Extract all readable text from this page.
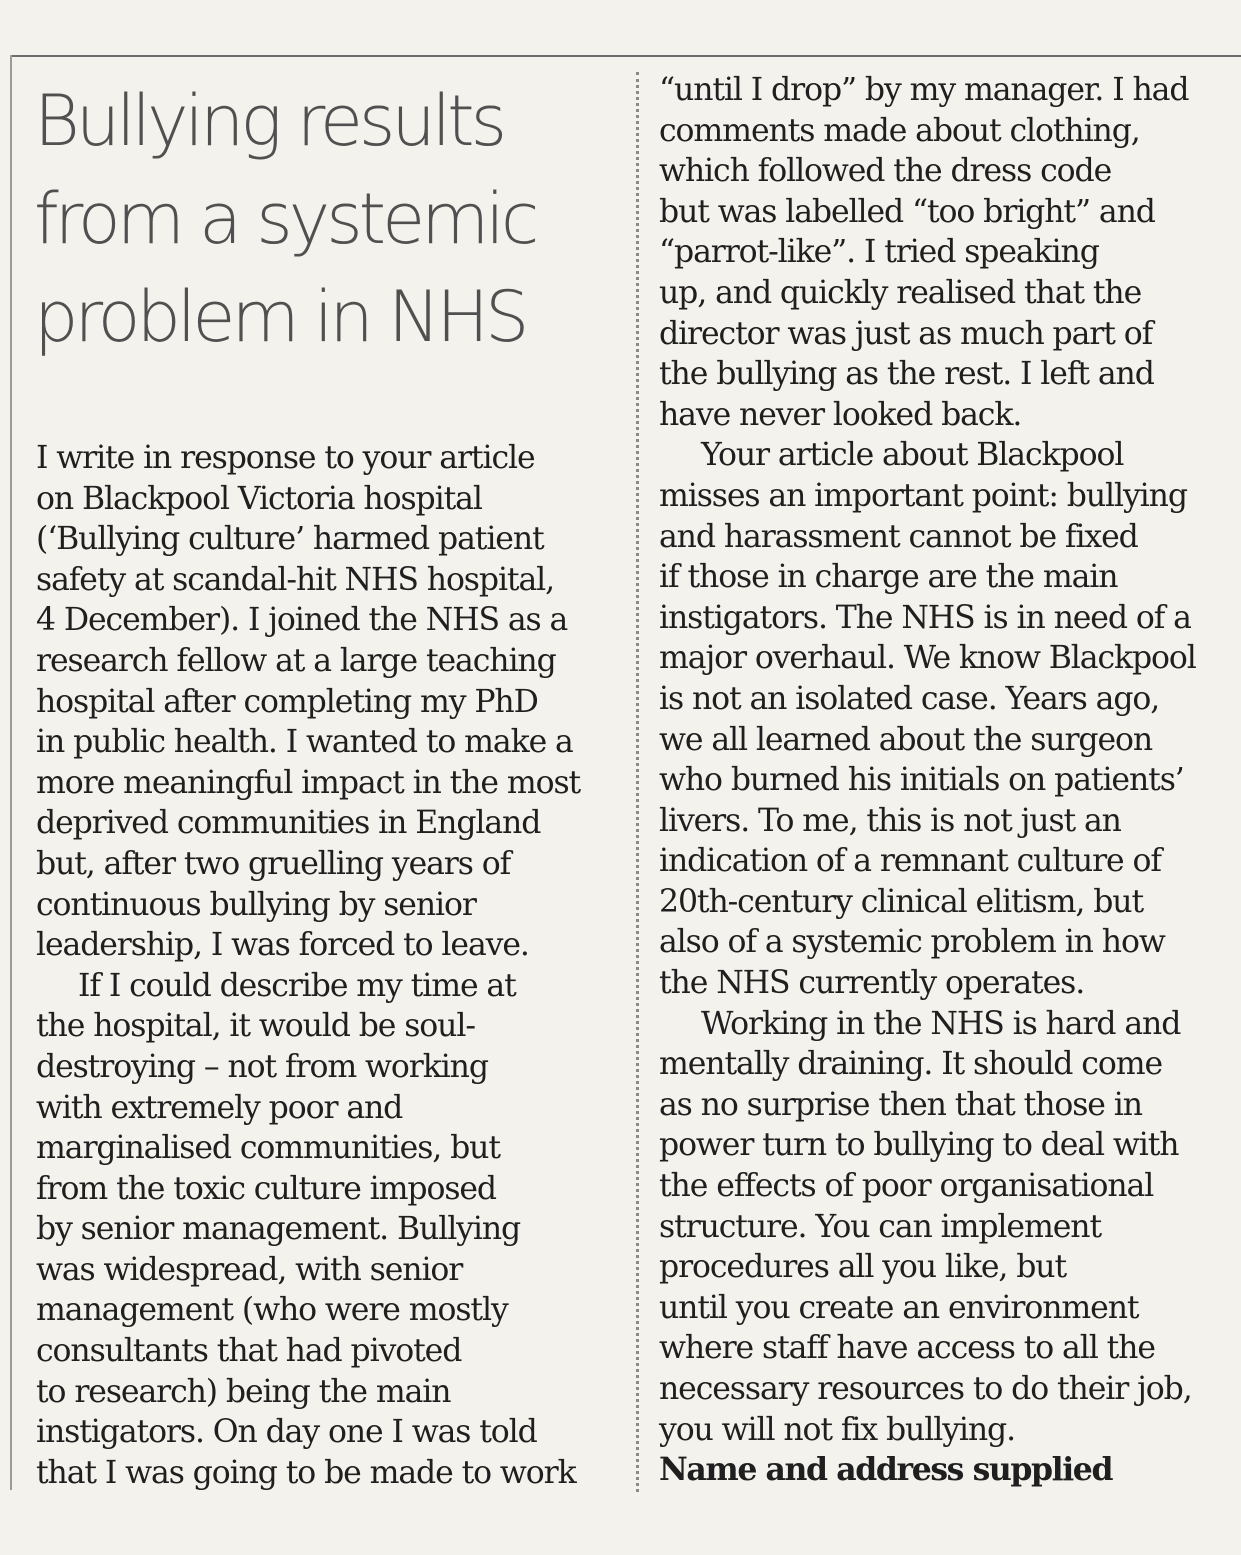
Bullying results
from a systemic
problem in NHS
I write in response to your article
on Blackpool Victoria hospital
(‘Bullying culture’ harmed patient
safety at scandal-hit NHS hospital,
4 December). I joined the NHS as a
research fellow at a large teaching
hospital after completing my PhD
in public health. I wanted to make a
more meaningful impact in the most
deprived communities in England
but, after two gruelling years of
continuous bullying by senior
leadership, I was forced to leave.
If I could describe my time at
the hospital, it would be soul-
destroying – not from working
with extremely poor and
marginalised communities, but
from the toxic culture imposed
by senior management. Bullying
was widespread, with senior
management (who were mostly
consultants that had pivoted
to research) being the main
instigators. On day one I was told
that I was going to be made to work
“until I drop” by my manager. I had
comments made about clothing,
which followed the dress code
but was labelled “too bright” and
“parrot-like”. I tried speaking
up, and quickly realised that the
director was just as much part of
the bullying as the rest. I left and
have never looked back.
Your article about Blackpool
misses an important point: bullying
and harassment cannot be fixed
if those in charge are the main
instigators. The NHS is in need of a
major overhaul. We know Blackpool
is not an isolated case. Years ago,
we all learned about the surgeon
who burned his initials on patients’
livers. To me, this is not just an
indication of a remnant culture of
20th-century clinical elitism, but
also of a systemic problem in how
the NHS currently operates.
Working in the NHS is hard and
mentally draining. It should come
as no surprise then that those in
power turn to bullying to deal with
the effects of poor organisational
structure. You can implement
procedures all you like, but
until you create an environment
where staff have access to all the
necessary resources to do their job,
you will not fix bullying.
Name and address supplied
